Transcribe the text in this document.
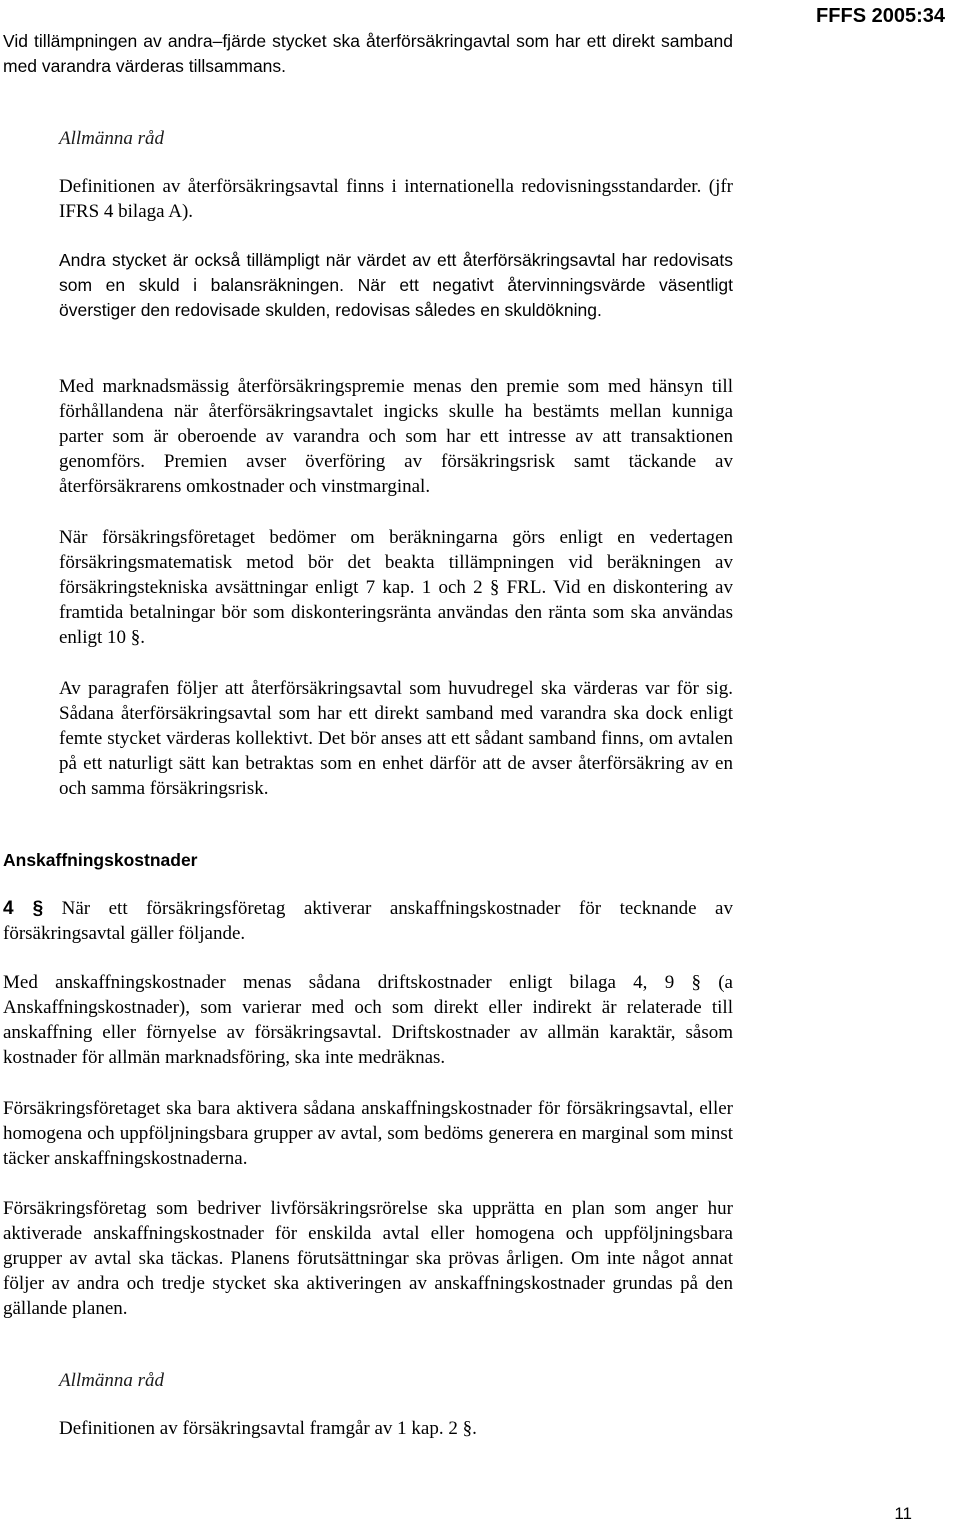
FFFS 2005:34

Vid tillämpningen av andra–fjärde stycket ska återförsäkringavtal som har ett direkt samband med varandra värderas tillsammans.

Allmänna råd

Definitionen av återförsäkringsavtal finns i internationella redovisningsstandarder. (jfr IFRS 4 bilaga A).

Andra stycket är också tillämpligt när värdet av ett återförsäkringsavtal har redovisats som en skuld i balansräkningen. När ett negativt återvinningsvärde väsentligt överstiger den redovisade skulden, redovisas således en skuldökning.

Med marknadsmässig återförsäkringspremie menas den premie som med hänsyn till förhållandena när återförsäkringsavtalet ingicks skulle ha bestämts mellan kunniga parter som är oberoende av varandra och som har ett intresse av att transaktionen genomförs. Premien avser överföring av försäkringsrisk samt täckande av återförsäkrarens omkostnader och vinstmarginal.

När försäkringsföretaget bedömer om beräkningarna görs enligt en vedertagen försäkringsmatematisk metod bör det beakta tillämpningen vid beräkningen av försäkringstekniska avsättningar enligt 7 kap. 1 och 2 § FRL. Vid en diskontering av framtida betalningar bör som diskonteringsränta användas den ränta som ska användas enligt 10 §.

Av paragrafen följer att återförsäkringsavtal som huvudregel ska värderas var för sig. Sådana återförsäkringsavtal som har ett direkt samband med varandra ska dock enligt femte stycket värderas kollektivt. Det bör anses att ett sådant samband finns, om avtalen på ett naturligt sätt kan betraktas som en enhet därför att de avser återförsäkring av en och samma försäkringsrisk.

Anskaffningskostnader

4 § När ett försäkringsföretag aktiverar anskaffningskostnader för tecknande av försäkringsavtal gäller följande.

Med anskaffningskostnader menas sådana driftskostnader enligt bilaga 4, 9 § (a Anskaffningskostnader), som varierar med och som direkt eller indirekt är relaterade till anskaffning eller förnyelse av försäkringsavtal. Driftskostnader av allmän karaktär, såsom kostnader för allmän marknadsföring, ska inte medräknas.

Försäkringsföretaget ska bara aktivera sådana anskaffningskostnader för försäkringsavtal, eller homogena och uppföljningsbara grupper av avtal, som bedöms generera en marginal som minst täcker anskaffningskostnaderna.

Försäkringsföretag som bedriver livförsäkringsrörelse ska upprätta en plan som anger hur aktiverade anskaffningskostnader för enskilda avtal eller homogena och uppföljningsbara grupper av avtal ska täckas. Planens förutsättningar ska prövas årligen. Om inte något annat följer av andra och tredje stycket ska aktiveringen av anskaffningskostnader grundas på den gällande planen.

Allmänna råd

Definitionen av försäkringsavtal framgår av 1 kap. 2 §.

11
